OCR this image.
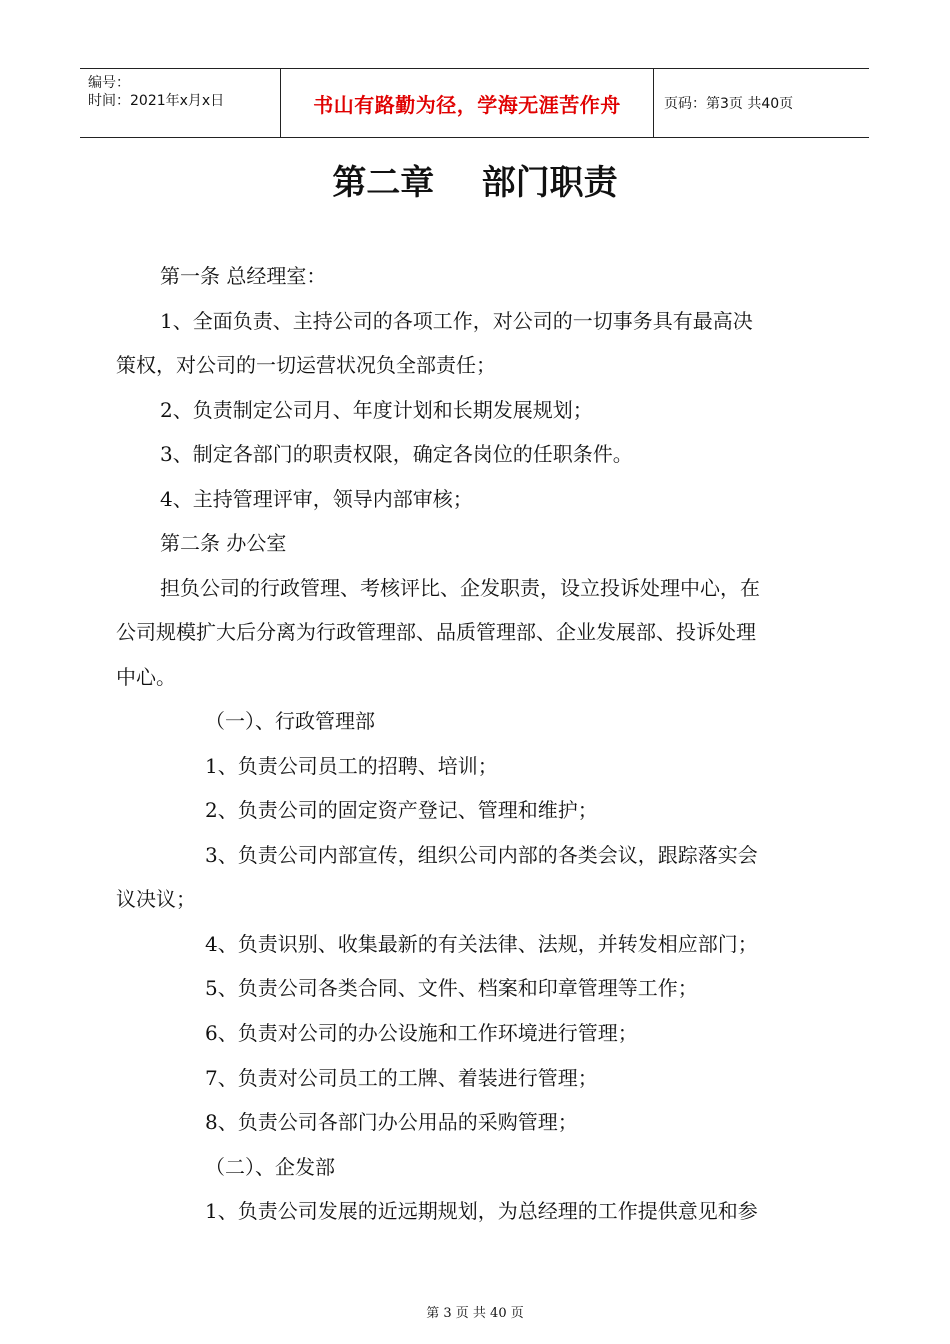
编号：
时间：2021年x月x日	书山有路勤为径，学海无涯苦作舟	页码：第3页 共40页
第二章    部门职责
第一条 总经理室：
1、全面负责、主持公司的各项工作，对公司的一切事务具有最高决
策权，对公司的一切运营状况负全部责任；
2、负责制定公司月、年度计划和长期发展规划；
3、制定各部门的职责权限，确定各岗位的任职条件。
4、主持管理评审，领导内部审核；
第二条 办公室
担负公司的行政管理、考核评比、企发职责，设立投诉处理中心，在
公司规模扩大后分离为行政管理部、品质管理部、企业发展部、投诉处理
中心。
（一）、行政管理部
1、负责公司员工的招聘、培训；
2、负责公司的固定资产登记、管理和维护；
3、负责公司内部宣传，组织公司内部的各类会议，跟踪落实会
议决议；
4、负责识别、收集最新的有关法律、法规，并转发相应部门；
5、负责公司各类合同、文件、档案和印章管理等工作；
6、负责对公司的办公设施和工作环境进行管理；
7、负责对公司员工的工牌、着装进行管理；
8、负责公司各部门办公用品的采购管理；
（二）、企发部
1、负责公司发展的近远期规划，为总经理的工作提供意见和参
第 3 页 共 40 页
